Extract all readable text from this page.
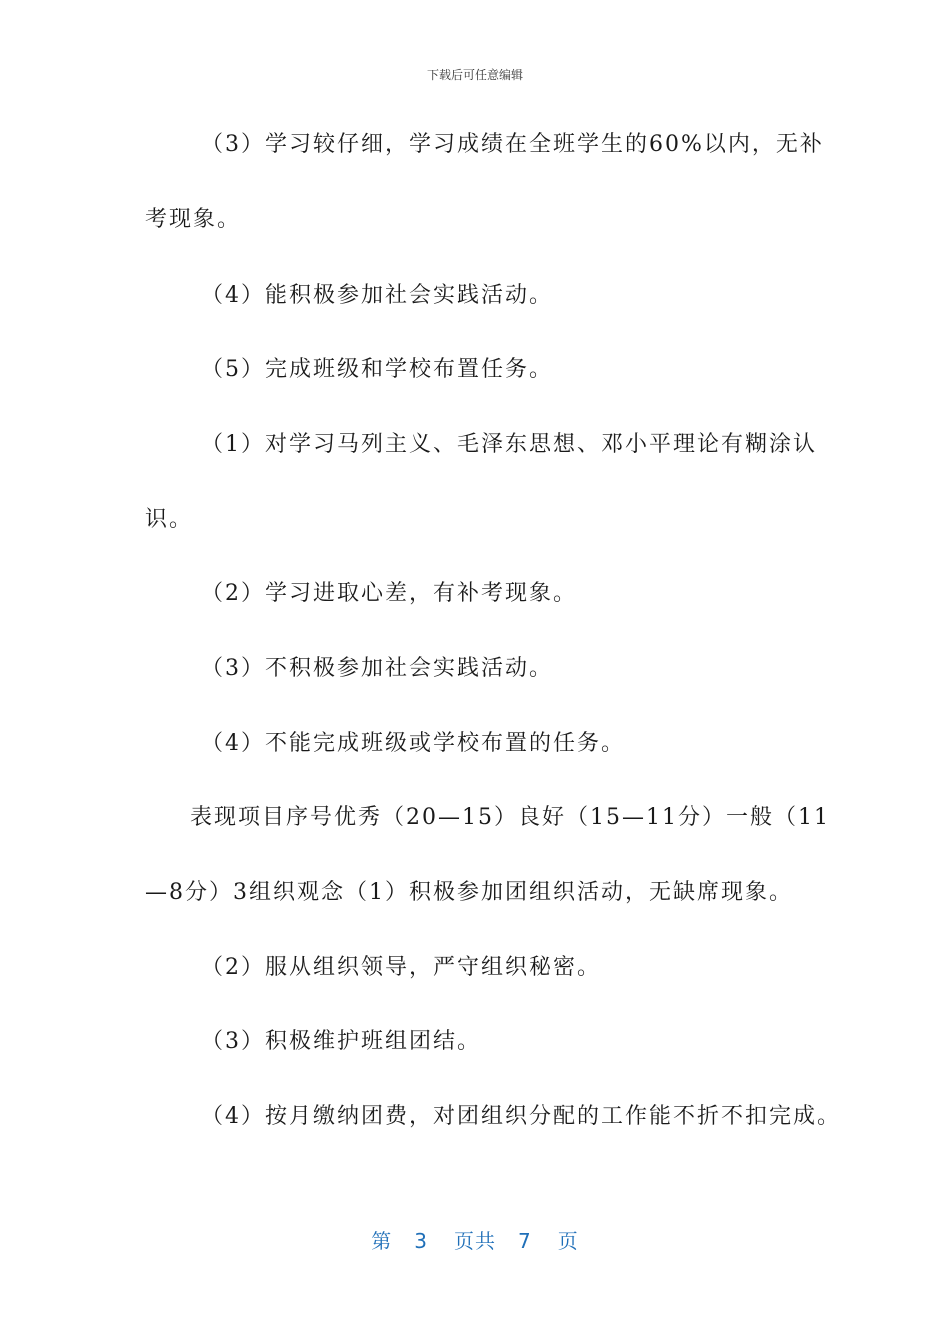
下载后可任意编辑
（3）学习较仔细，学习成绩在全班学生的60%以内，无补
考现象。
（4）能积极参加社会实践活动。
（5）完成班级和学校布置任务。
（1）对学习马列主义、毛泽东思想、邓小平理论有糊涂认
识。
（2）学习进取心差，有补考现象。
（3）不积极参加社会实践活动。
（4）不能完成班级或学校布置的任务。
表现项目序号优秀（20—15）良好（15—11分）一般（11
—8分）3组织观念（1）积极参加团组织活动，无缺席现象。
（2）服从组织领导，严守组织秘密。
（3）积极维护班组团结。
（4）按月缴纳团费，对团组织分配的工作能不折不扣完成。
第 3 页共 7 页
